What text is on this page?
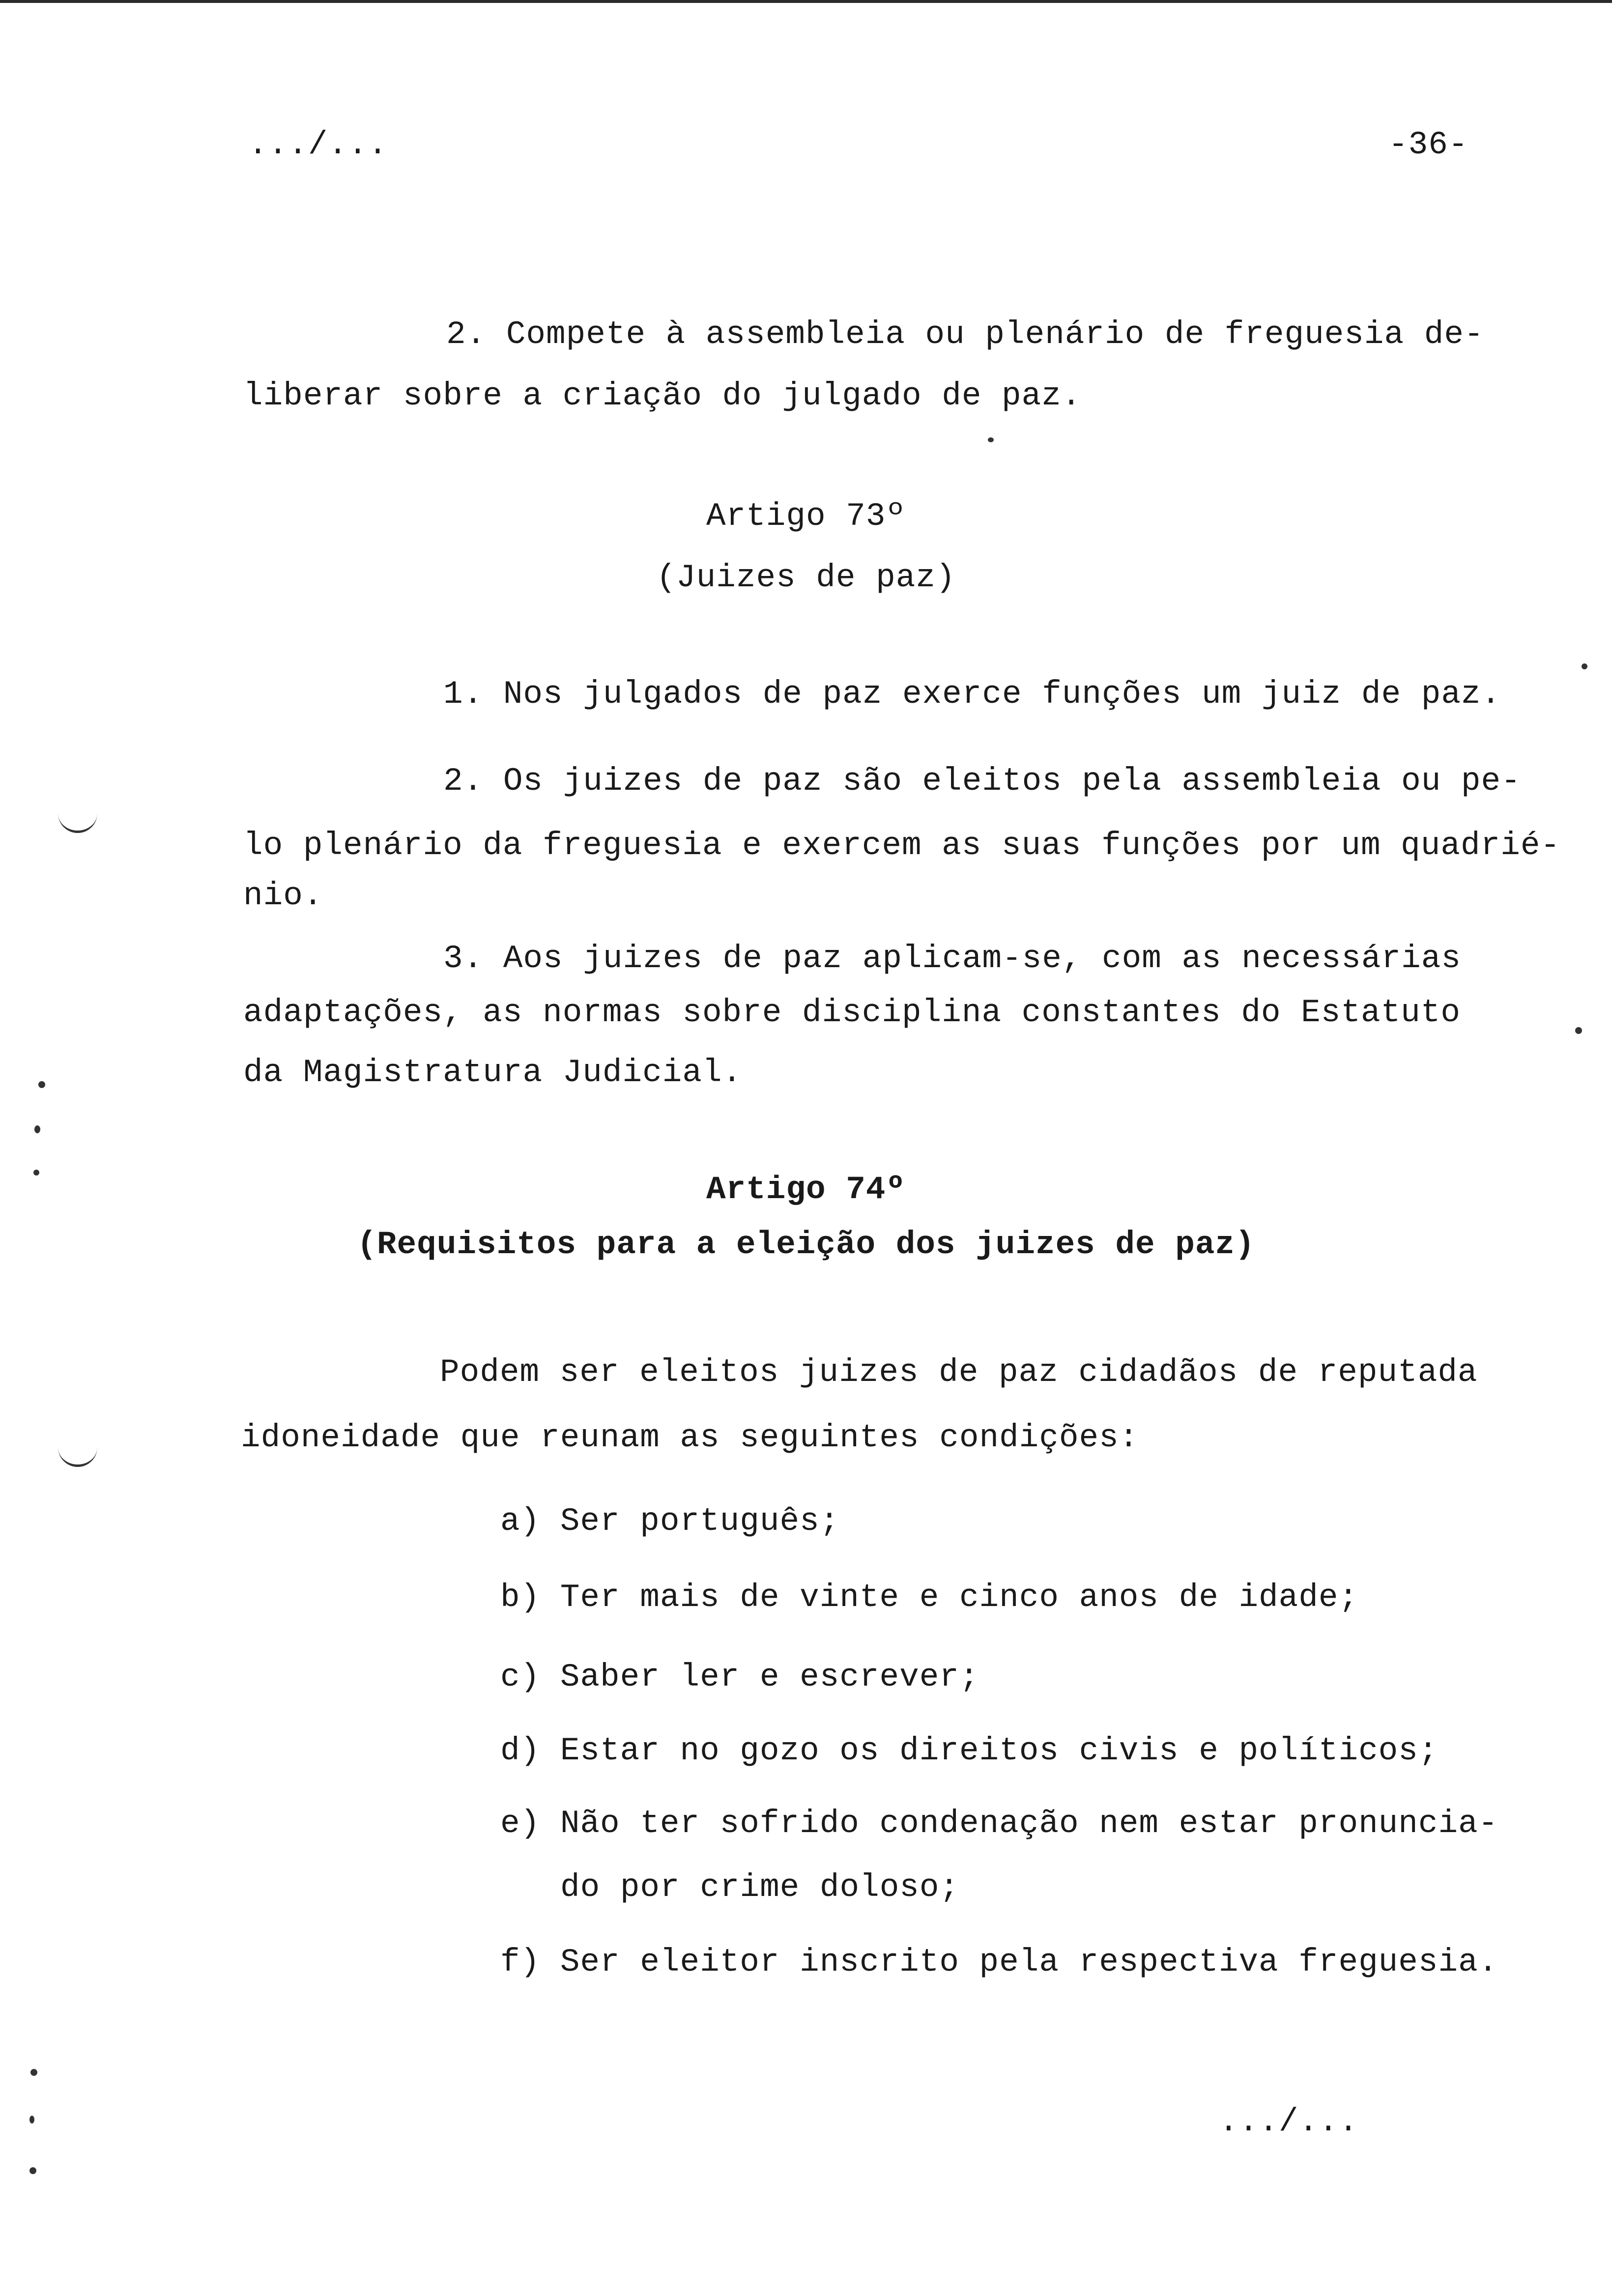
.../...	-36-
2. Compete à assembleia ou plenário de freguesia de-
liberar sobre a criação do julgado de paz.
Artigo 73º
(Juizes de paz)
1. Nos julgados de paz exerce funções um juiz de paz.
2. Os juizes de paz são eleitos pela assembleia ou pe-
lo plenário da freguesia e exercem as suas funções por um quadrié-
nio.
3. Aos juizes de paz aplicam-se, com as necessárias
adaptações, as normas sobre disciplina constantes do Estatuto
da Magistratura Judicial.
Artigo 74º
(Requisitos para a eleição dos juizes de paz)
Podem ser eleitos juizes de paz cidadãos de reputada
idoneidade que reunam as seguintes condições:
a) Ser português;
b) Ter mais de vinte e cinco anos de idade;
c) Saber ler e escrever;
d) Estar no gozo os direitos civis e políticos;
e) Não ter sofrido condenação nem estar pronuncia-
do por crime doloso;
f) Ser eleitor inscrito pela respectiva freguesia.
.../...
